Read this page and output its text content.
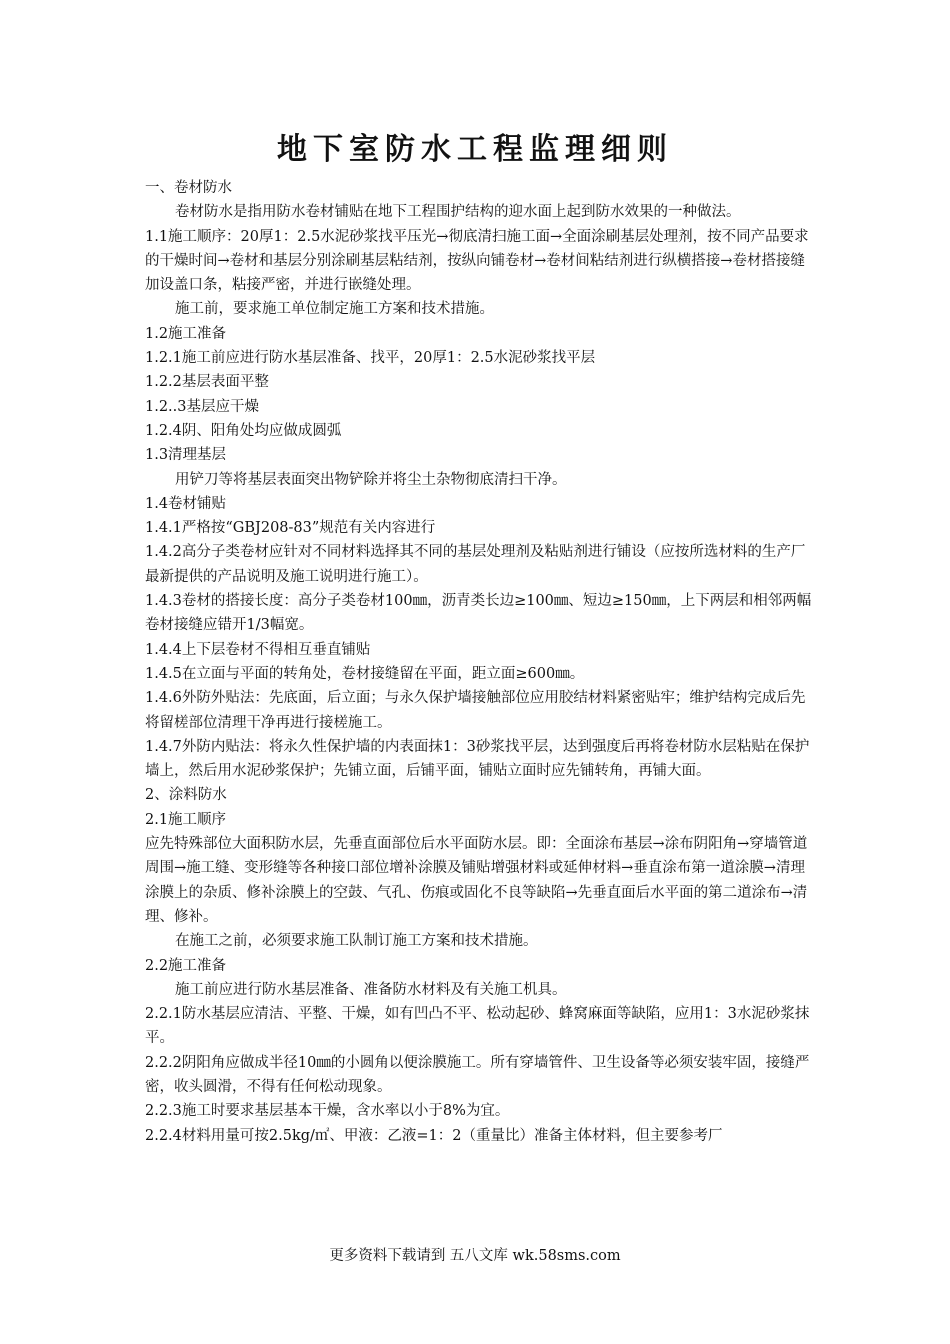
地下室防水工程监理细则

一、卷材防水

卷材防水是指用防水卷材铺贴在地下工程围护结构的迎水面上起到防水效果的一种做法。

1.1施工顺序：20厚1：2.5水泥砂浆找平压光→彻底清扫施工面→全面涂刷基层处理剂，按不同产品要求的干燥时间→卷材和基层分别涂刷基层粘结剂，按纵向铺卷材→卷材间粘结剂进行纵横搭接→卷材搭接缝加设盖口条，粘接严密，并进行嵌缝处理。

施工前，要求施工单位制定施工方案和技术措施。

1.2施工准备

1.2.1施工前应进行防水基层准备、找平，20厚1：2.5水泥砂浆找平层

1.2.2基层表面平整

1.2..3基层应干燥

1.2.4阴、阳角处均应做成圆弧

1.3清理基层

用铲刀等将基层表面突出物铲除并将尘土杂物彻底清扫干净。

1.4卷材铺贴

1.4.1严格按“GBJ208-83”规范有关内容进行

1.4.2高分子类卷材应针对不同材料选择其不同的基层处理剂及粘贴剂进行铺设（应按所选材料的生产厂最新提供的产品说明及施工说明进行施工）。

1.4.3卷材的搭接长度：高分子类卷材100㎜，沥青类长边≥100㎜、短边≥150㎜，上下两层和相邻两幅卷材接缝应错开1/3幅宽。

1.4.4上下层卷材不得相互垂直铺贴

1.4.5在立面与平面的转角处，卷材接缝留在平面，距立面≥600㎜。

1.4.6外防外贴法：先底面，后立面；与永久保护墙接触部位应用胶结材料紧密贴牢；维护结构完成后先将留槎部位清理干净再进行接槎施工。

1.4.7外防内贴法：将永久性保护墙的内表面抹1：3砂浆找平层，达到强度后再将卷材防水层粘贴在保护墙上，然后用水泥砂浆保护；先铺立面，后铺平面，铺贴立面时应先铺转角，再铺大面。

2、涂料防水

2.1施工顺序

应先特殊部位大面积防水层，先垂直面部位后水平面防水层。即：全面涂布基层→涂布阴阳角→穿墙管道周围→施工缝、变形缝等各种接口部位增补涂膜及铺贴增强材料或延伸材料→垂直涂布第一道涂膜→清理涂膜上的杂质、修补涂膜上的空鼓、气孔、伤痕或固化不良等缺陷→先垂直面后水平面的第二道涂布→清理、修补。

在施工之前，必须要求施工队制订施工方案和技术措施。

2.2施工准备

施工前应进行防水基层准备、准备防水材料及有关施工机具。

2.2.1防水基层应清洁、平整、干燥，如有凹凸不平、松动起砂、蜂窝麻面等缺陷，应用1：3水泥砂浆抹平。

2.2.2阴阳角应做成半径10㎜的小圆角以便涂膜施工。所有穿墙管件、卫生设备等必须安装牢固，接缝严密，收头圆滑，不得有任何松动现象。

2.2.3施工时要求基层基本干燥，含水率以小于8%为宜。

2.2.4材料用量可按2.5kg/㎡、甲液：乙液=1：2（重量比）准备主体材料，但主要参考厂

更多资料下载请到 五八文库 wk.58sms.com
